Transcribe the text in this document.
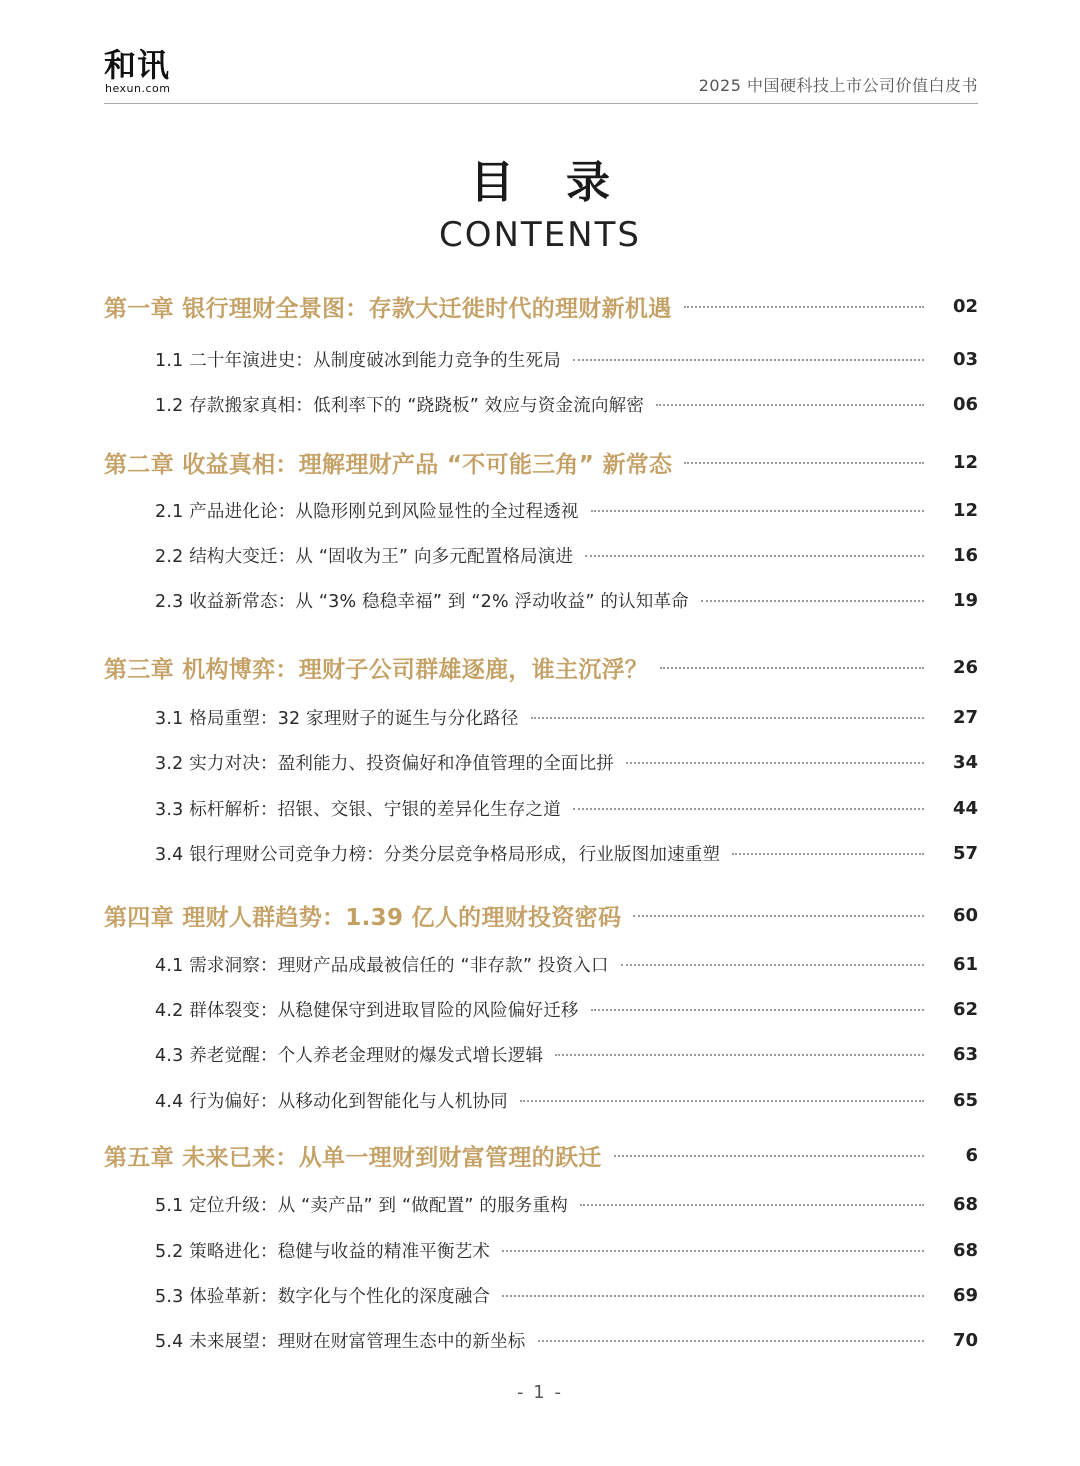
和讯
hexun.com	2025 中国硬科技上市公司价值白皮书
目录
CONTENTS
第一章 银行理财全景图：存款大迁徙时代的理财新机遇	02
1.1 二十年演进史：从制度破冰到能力竞争的生死局	03
1.2 存款搬家真相：低利率下的 “跷跷板” 效应与资金流向解密	06
第二章 收益真相：理解理财产品 “不可能三角” 新常态	12
2.1 产品进化论：从隐形刚兑到风险显性的全过程透视	12
2.2 结构大变迁：从 “固收为王” 向多元配置格局演进	16
2.3 收益新常态：从 “3% 稳稳幸福” 到 “2% 浮动收益” 的认知革命	19
第三章 机构博弈：理财子公司群雄逐鹿，谁主沉浮？	26
3.1 格局重塑：32 家理财子的诞生与分化路径	27
3.2 实力对决：盈利能力、投资偏好和净值管理的全面比拼	34
3.3 标杆解析：招银、交银、宁银的差异化生存之道	44
3.4 银行理财公司竞争力榜：分类分层竞争格局形成，行业版图加速重塑	57
第四章 理财人群趋势：1.39 亿人的理财投资密码	60
4.1 需求洞察：理财产品成最被信任的 “非存款” 投资入口	61
4.2 群体裂变：从稳健保守到进取冒险的风险偏好迁移	62
4.3 养老觉醒：个人养老金理财的爆发式增长逻辑	63
4.4 行为偏好：从移动化到智能化与人机协同	65
第五章 未来已来：从单一理财到财富管理的跃迁	6
5.1 定位升级：从 “卖产品” 到 “做配置” 的服务重构	68
5.2 策略进化：稳健与收益的精准平衡艺术	68
5.3 体验革新：数字化与个性化的深度融合	69
5.4 未来展望：理财在财富管理生态中的新坐标	70
- 1 -
